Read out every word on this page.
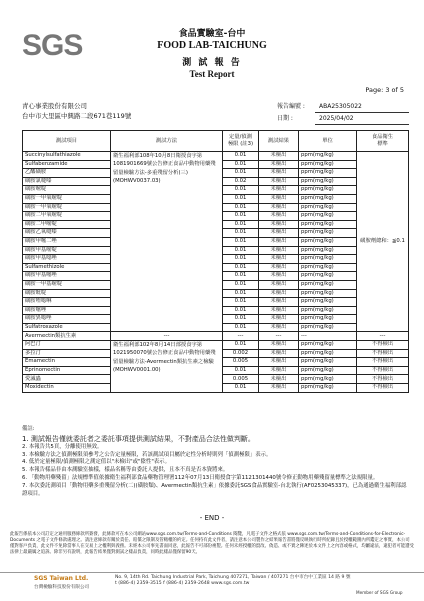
SGS	食品實驗室-台中
FOOD LAB-TAICHUNG
測 試 報 告
Test Report
Page: 3 of 5
青心事業股份有限公司
台中市大里區中興路二段671巷119號
報告編號 : ABA25305022
日期 :	2025/04/02
測試項目	測試方法	定量/偵測
極限 (註3)	測試結果	單位	食品衛生
標準
Succinylsulfathiazole	衛生福利部108年10月8日衛授食字第1081901669號公告修正食品中動物用藥殘留量檢驗方法-多重殘留分析(三)(MOHWV0037.03)	0.01	未檢出	ppm(mg/kg)	磺胺劑總和：≦0.1
Sulfabenzamide		0.01	未檢出	ppm(mg/kg)	
乙醯磺胺		0.01	未檢出	ppm(mg/kg)	
磺胺氯噠嗪		0.02	未檢出	ppm(mg/kg)	
磺胺嘧啶		0.01	未檢出	ppm(mg/kg)	
磺胺一甲氧嘧啶		0.01	未檢出	ppm(mg/kg)	
磺胺一甲氧嘧啶		0.01	未檢出	ppm(mg/kg)	
磺胺二甲氧嘧啶		0.01	未檢出	ppm(mg/kg)	
磺胺二甲嘧啶		0.01	未檢出	ppm(mg/kg)	
磺胺乙氧噠嗪		0.01	未檢出	ppm(mg/kg)	
磺胺甲噻二唑		0.01	未檢出	ppm(mg/kg)	
磺胺甲基嘧啶		0.01	未檢出	ppm(mg/kg)	
磺胺甲基噁唑		0.01	未檢出	ppm(mg/kg)	
Sulfamethizole		0.01	未檢出	ppm(mg/kg)	
磺胺甲基噻唑		0.01	未檢出	ppm(mg/kg)	
磺胺一甲基嘧啶		0.01	未檢出	ppm(mg/kg)	
磺胺吡啶		0.01	未檢出	ppm(mg/kg)	
磺胺喹噁啉		0.01	未檢出	ppm(mg/kg)	
磺胺噻唑		0.01	未檢出	ppm(mg/kg)	
磺胺異噁唑		0.01	未檢出	ppm(mg/kg)	
Sulfatroxazole		0.01	未檢出	ppm(mg/kg)	
Avermectin類抗生素	---	---	---	---	---
阿巴汀	衛生福利部102年8月14日部授食字第1021950070號公告修正食品中動物用藥殘留量檢驗方法-Avermectin類抗生素之檢驗(MOHWV0001.00)	0.01	未檢出	ppm(mg/kg)	不得檢出
多拉汀		0.002	未檢出	ppm(mg/kg)	不得檢出
Emamectin		0.005	未檢出	ppm(mg/kg)	不得檢出
Eprinomectin		0.01	未檢出	ppm(mg/kg)	不得檢出
愛滅蟲		0.005	未檢出	ppm(mg/kg)	不得檢出
Moxidectin		0.01	未檢出	ppm(mg/kg)	不得檢出
備註:
1. 測試報告僅就委託者之委託事項提供測試結果，不對產品合法性做判斷。
2. 本報告共5頁，分離使用無效。
3. 本檢驗方法之偵測極限須參考之公告定量極限，若該測試項目屬於定性分析時則列「偵測極限」表示。
4. 低於定量極限/偵測極限之測定值以"未檢出"或"陰性"表示。
5. 本報告樣品非由本測驗室抽樣，樣品名稱等由委託人提供，且本不真是否本資將來。
6. 「動物用藥殘留」法規標準值依據衛生福利部食品藥物管理署112年07月13日衛授食字第1121301440號令修正動物用藥殘留量標準之法規限量。
7. 本次委託測項目「動物用藥多重殘留分析(二)(磺胺類)、Avermectin類抗生素」依據委託SGS食品實驗室-台北執行(AF0253045337)，已為通過衛生福利部認證項目。
- END -
此報告係依本公司訂定之通用服務條款所簽發，此條款可在本公司網站www.sgs.com.tw/Terms-and-Conditions 閱覽，凡電子文件之格式依 www.sgs.com.tw/Terms-and-Conditions-for-Electronic-Documents 之電子文件條款處理之。請注意條款有關於責任、賠償之限制及管轄權的約定。任何持有此文件者，請注意本公司製作之結果報告書將僅反映執行時所紀錄且於授權範圍內所鑑定之事實，本公司僅對客戶負責，此文件不免除當事人在交易上之權利與義務。未經本公司事先書面同意，此報告不可部份複製。任何未經授權的竄改、偽造、或不實之陳述於本文件上之內容或格式，均屬違法，違犯者可能遭受法律上最嚴厲之追訴。除非另有說明，此報告結果僅對測試之樣品負責，同時此樣品僅保留90天。
SGS Taiwan Ltd.
台灣檢驗科技股份有限公司
No. 9, 14th Rd. Taichung Industrial Park, Taichung 407271, Taiwan / 407271 台中市台中工業區 14 路 9 號
t (886-4) 2359-3515 f (886-4) 2359-2648 www.sgs.com.tw
Member of SGS Group
